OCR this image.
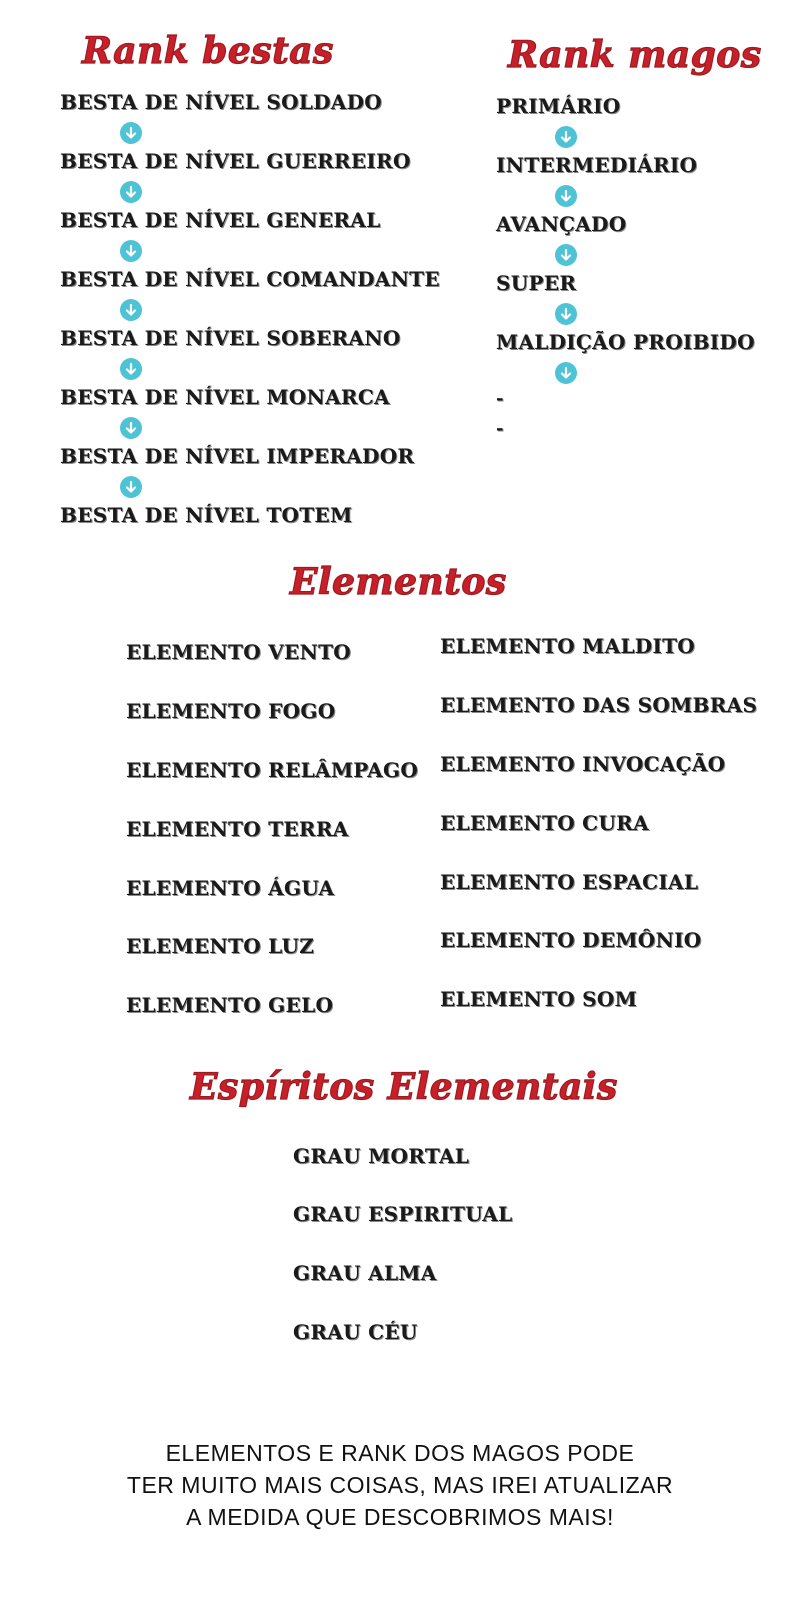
Rank bestas
BESTA DE NÍVEL SOLDADO
BESTA DE NÍVEL GUERREIRO
BESTA DE NÍVEL GENERAL
BESTA DE NÍVEL COMANDANTE
BESTA DE NÍVEL SOBERANO
BESTA DE NÍVEL MONARCA
BESTA DE NÍVEL IMPERADOR
BESTA DE NÍVEL TOTEM
Rank magos
PRIMÁRIO
INTERMEDIÁRIO
AVANÇADO
SUPER
MALDIÇÃO PROIBIDO
-
-
Elementos
ELEMENTO VENTO
ELEMENTO FOGO
ELEMENTO RELÂMPAGO
ELEMENTO TERRA
ELEMENTO ÁGUA
ELEMENTO LUZ
ELEMENTO GELO
ELEMENTO MALDITO
ELEMENTO DAS SOMBRAS
ELEMENTO INVOCAÇÃO
ELEMENTO CURA
ELEMENTO ESPACIAL
ELEMENTO DEMÔNIO
ELEMENTO SOM
Espíritos Elementais
GRAU MORTAL
GRAU ESPIRITUAL
GRAU ALMA
GRAU CÉU
ELEMENTOS E RANK DOS MAGOS PODE
TER MUITO MAIS COISAS, MAS IREI ATUALIZAR
A MEDIDA QUE DESCOBRIMOS MAIS!
